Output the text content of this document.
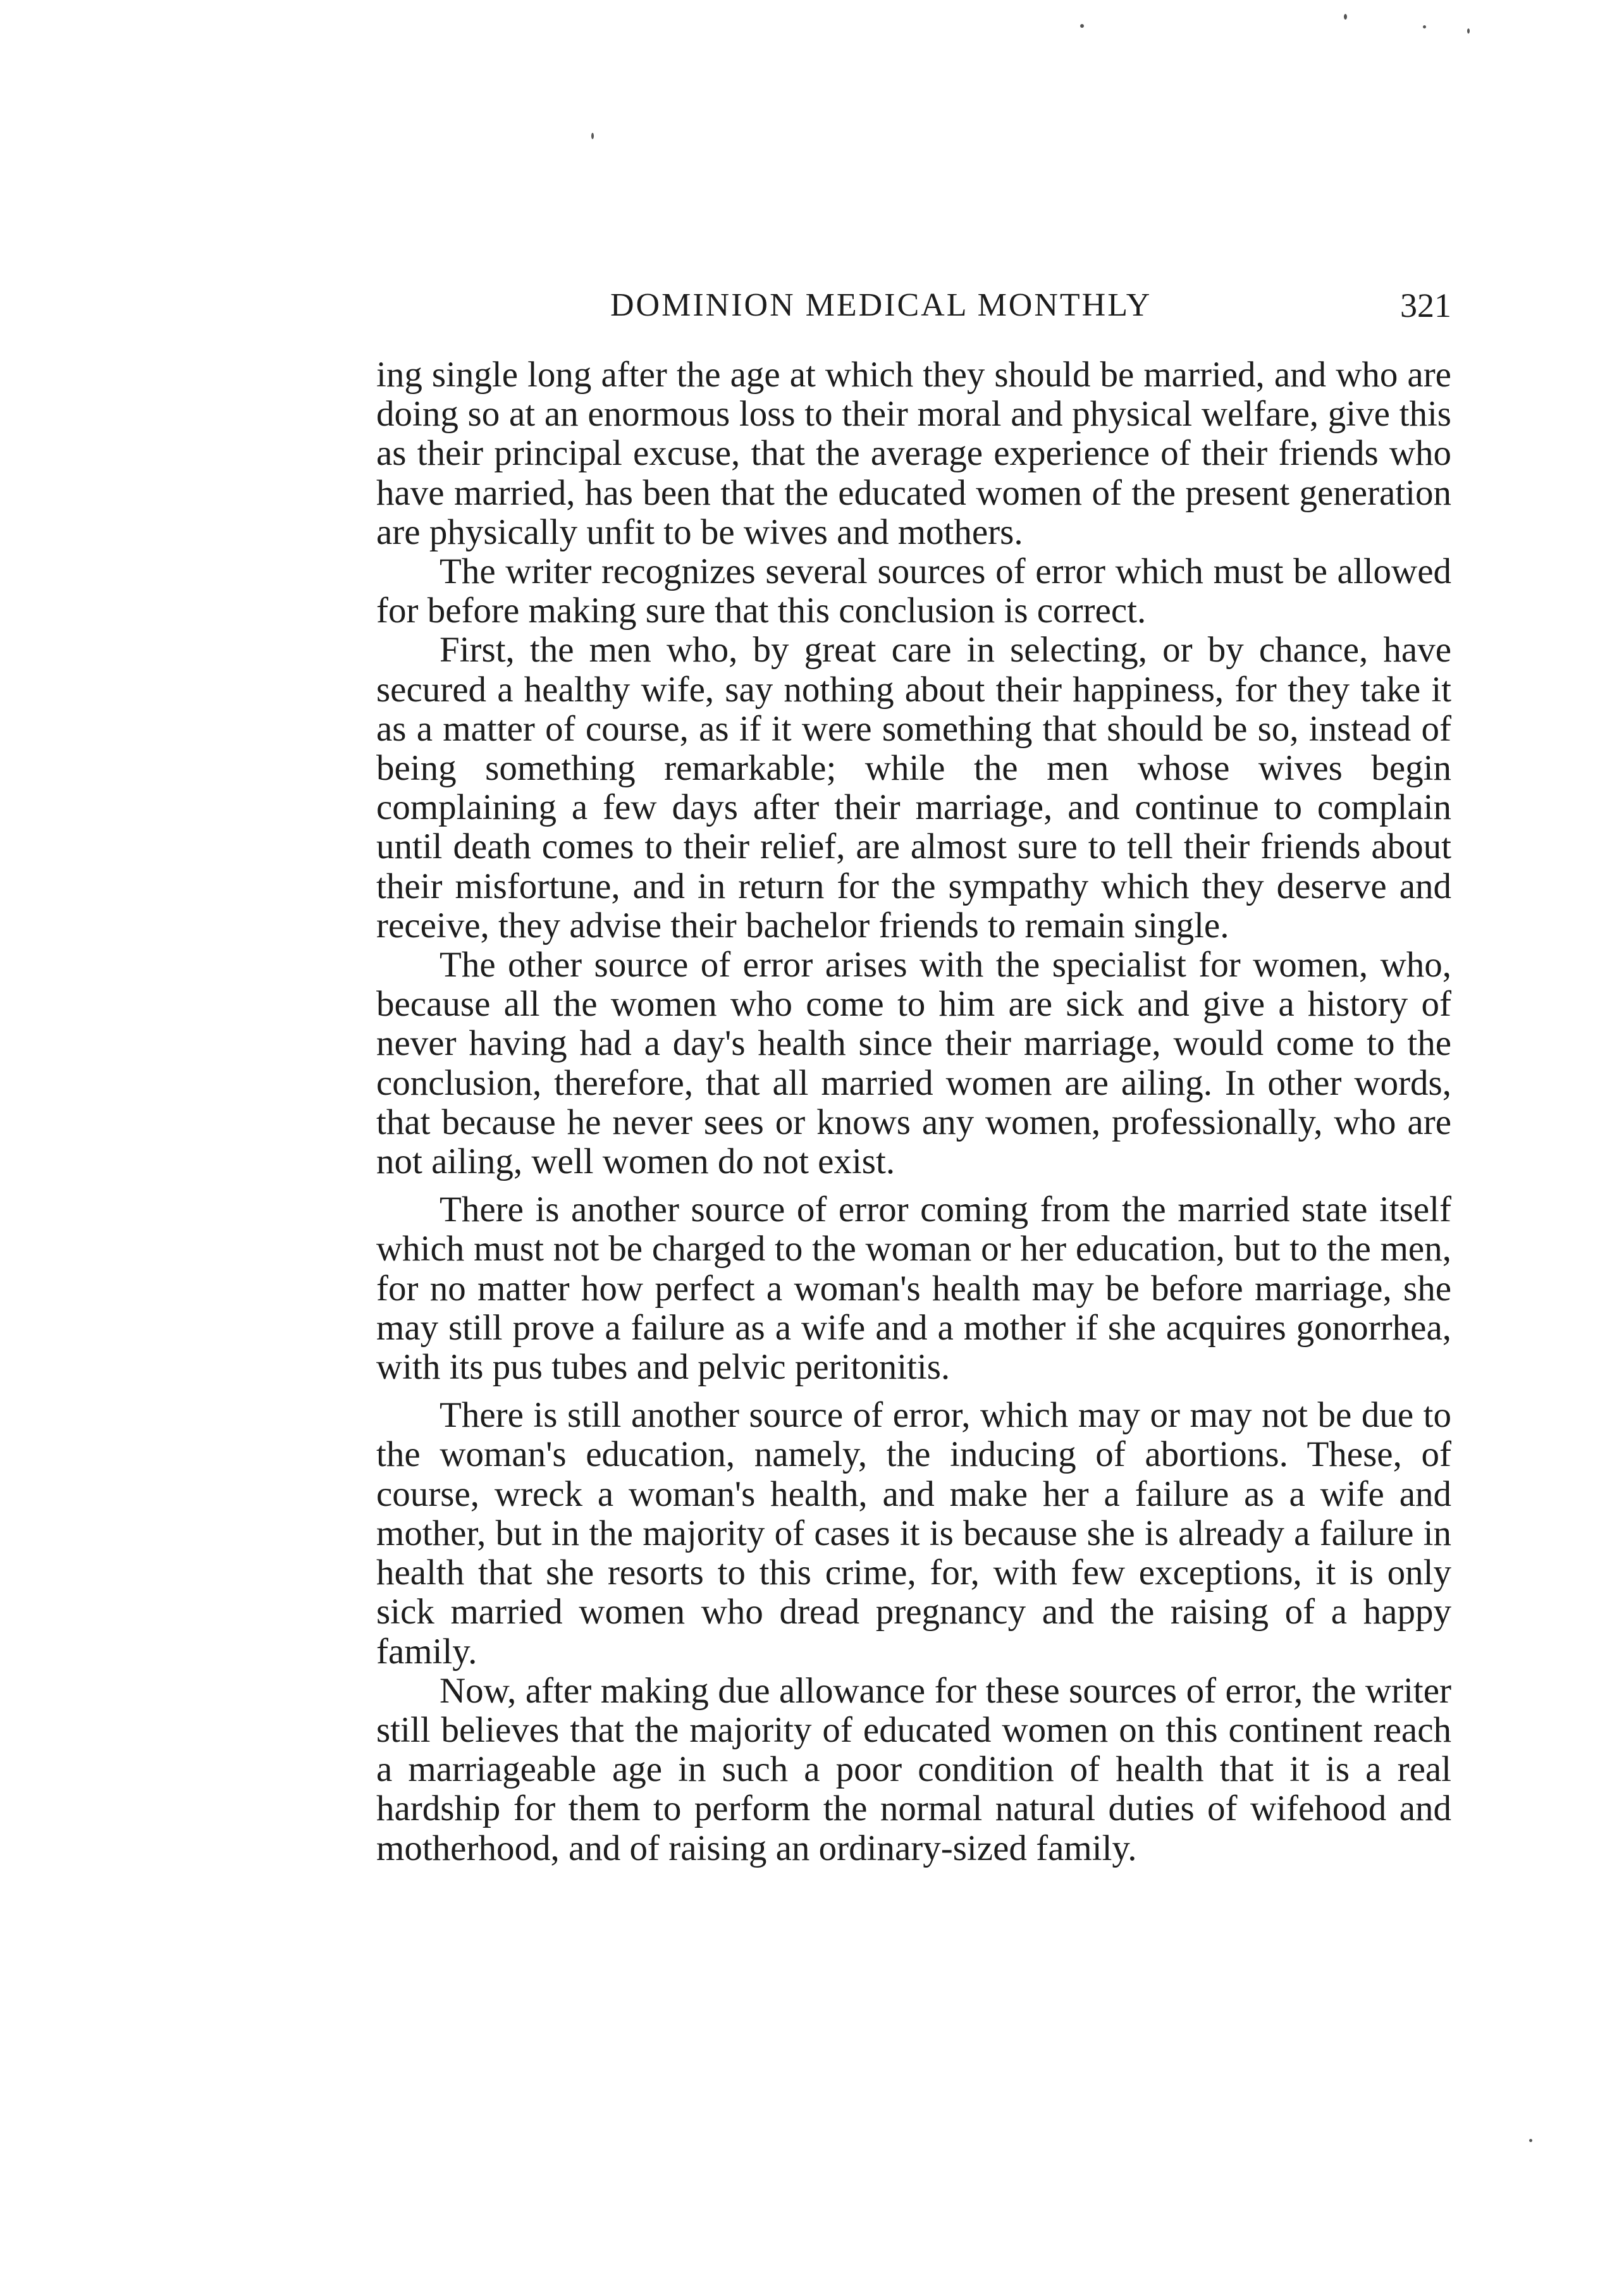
DOMINION MEDICAL MONTHLY	321

ing single long after the age at which they should be married, and who are doing so at an enormous loss to their moral and physical welfare, give this as their principal excuse, that the average experience of their friends who have married, has been that the educated women of the present generation are physically unfit to be wives and mothers.

The writer recognizes several sources of error which must be allowed for before making sure that this conclusion is correct.

First, the men who, by great care in selecting, or by chance, have secured a healthy wife, say nothing about their happiness, for they take it as a matter of course, as if it were something that should be so, instead of being something remarkable; while the men whose wives begin complaining a few days after their marriage, and continue to complain until death comes to their relief, are almost sure to tell their friends about their misfortune, and in return for the sympathy which they deserve and receive, they advise their bachelor friends to remain single.

The other source of error arises with the specialist for women, who, because all the women who come to him are sick and give a history of never having had a day's health since their marriage, would come to the conclusion, therefore, that all married women are ailing. In other words, that because he never sees or knows any women, professionally, who are not ailing, well women do not exist.

There is another source of error coming from the married state itself which must not be charged to the woman or her education, but to the men, for no matter how perfect a woman's health may be before marriage, she may still prove a failure as a wife and a mother if she acquires gonorrhea, with its pus tubes and pelvic peritonitis.

There is still another source of error, which may or may not be due to the woman's education, namely, the inducing of abortions. These, of course, wreck a woman's health, and make her a failure as a wife and mother, but in the majority of cases it is because she is already a failure in health that she resorts to this crime, for, with few exceptions, it is only sick married women who dread pregnancy and the raising of a happy family.

Now, after making due allowance for these sources of error, the writer still believes that the majority of educated women on this continent reach a marriageable age in such a poor condition of health that it is a real hardship for them to perform the normal natural duties of wifehood and motherhood, and of raising an ordinary-sized family.
